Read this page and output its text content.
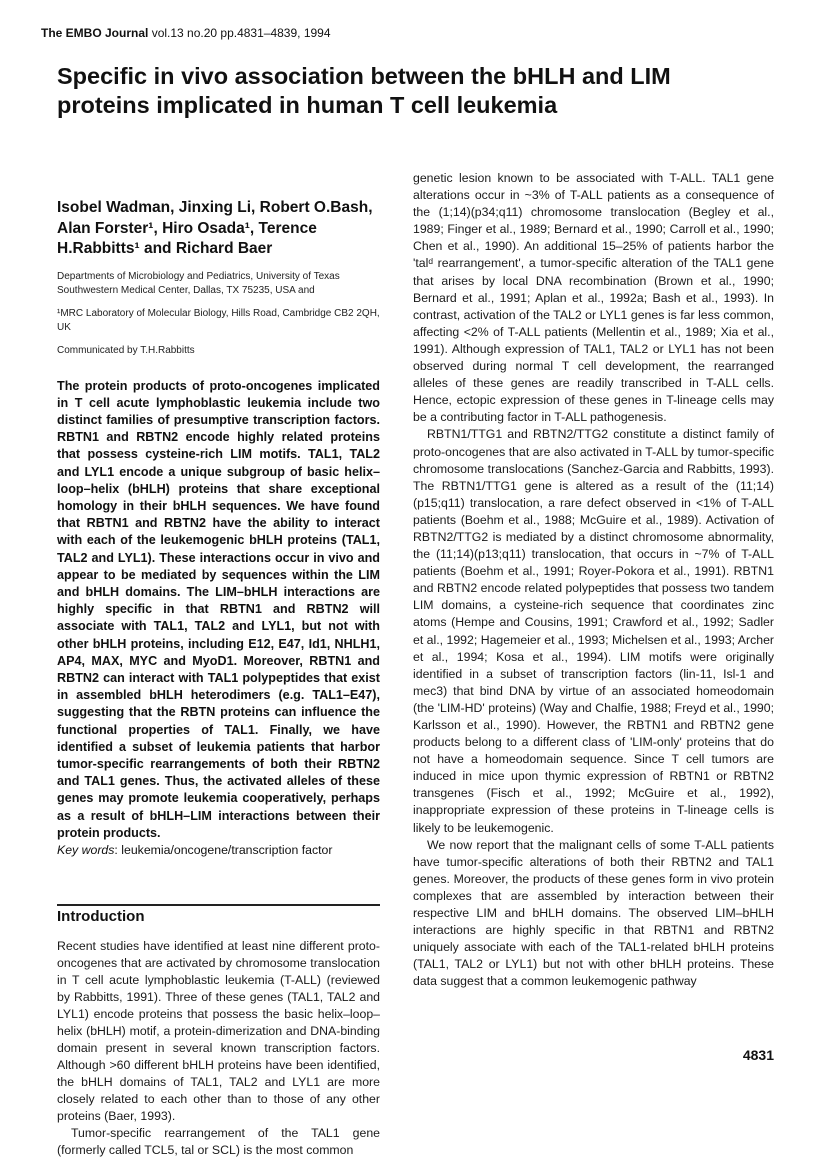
The EMBO Journal vol.13 no.20 pp.4831–4839, 1994
Specific in vivo association between the bHLH and LIM proteins implicated in human T cell leukemia

Isobel Wadman, Jinxing Li, Robert O.Bash, Alan Forster¹, Hiro Osada¹, Terence H.Rabbitts¹ and Richard Baer

Departments of Microbiology and Pediatrics, University of Texas Southwestern Medical Center, Dallas, TX 75235, USA and

¹MRC Laboratory of Molecular Biology, Hills Road, Cambridge CB2 2QH, UK

Communicated by T.H.Rabbitts

The protein products of proto-oncogenes implicated in T cell acute lymphoblastic leukemia include two distinct families of presumptive transcription factors. RBTN1 and RBTN2 encode highly related proteins that possess cysteine-rich LIM motifs. TAL1, TAL2 and LYL1 encode a unique subgroup of basic helix–loop–helix (bHLH) proteins that share exceptional homology in their bHLH sequences. We have found that RBTN1 and RBTN2 have the ability to interact with each of the leukemogenic bHLH proteins (TAL1, TAL2 and LYL1). These interactions occur in vivo and appear to be mediated by sequences within the LIM and bHLH domains. The LIM–bHLH interactions are highly specific in that RBTN1 and RBTN2 will associate with TAL1, TAL2 and LYL1, but not with other bHLH proteins, including E12, E47, Id1, NHLH1, AP4, MAX, MYC and MyoD1. Moreover, RBTN1 and RBTN2 can interact with TAL1 polypeptides that exist in assembled bHLH heterodimers (e.g. TAL1–E47), suggesting that the RBTN proteins can influence the functional properties of TAL1. Finally, we have identified a subset of leukemia patients that harbor tumor-specific rearrangements of both their RBTN2 and TAL1 genes. Thus, the activated alleles of these genes may promote leukemia cooperatively, perhaps as a result of bHLH–LIM interactions between their protein products.

Key words: leukemia/oncogene/transcription factor

Introduction

Recent studies have identified at least nine different proto-oncogenes that are activated by chromosome translocation in T cell acute lymphoblastic leukemia (T-ALL) (reviewed by Rabbitts, 1991). Three of these genes (TAL1, TAL2 and LYL1) encode proteins that possess the basic helix–loop–helix (bHLH) motif, a protein-dimerization and DNA-binding domain present in several known transcription factors. Although >60 different bHLH proteins have been identified, the bHLH domains of TAL1, TAL2 and LYL1 are more closely related to each other than to those of any other proteins (Baer, 1993).

Tumor-specific rearrangement of the TAL1 gene (formerly called TCL5, tal or SCL) is the most common

genetic lesion known to be associated with T-ALL. TAL1 gene alterations occur in ~3% of T-ALL patients as a consequence of the (1;14)(p34;q11) chromosome translocation (Begley et al., 1989; Finger et al., 1989; Bernard et al., 1990; Carroll et al., 1990; Chen et al., 1990). An additional 15–25% of patients harbor the 'talᵈ rearrangement', a tumor-specific alteration of the TAL1 gene that arises by local DNA recombination (Brown et al., 1990; Bernard et al., 1991; Aplan et al., 1992a; Bash et al., 1993). In contrast, activation of the TAL2 or LYL1 genes is far less common, affecting <2% of T-ALL patients (Mellentin et al., 1989; Xia et al., 1991). Although expression of TAL1, TAL2 or LYL1 has not been observed during normal T cell development, the rearranged alleles of these genes are readily transcribed in T-ALL cells. Hence, ectopic expression of these genes in T-lineage cells may be a contributing factor in T-ALL pathogenesis.

RBTN1/TTG1 and RBTN2/TTG2 constitute a distinct family of proto-oncogenes that are also activated in T-ALL by tumor-specific chromosome translocations (Sanchez-Garcia and Rabbitts, 1993). The RBTN1/TTG1 gene is altered as a result of the (11;14)(p15;q11) translocation, a rare defect observed in <1% of T-ALL patients (Boehm et al., 1988; McGuire et al., 1989). Activation of RBTN2/TTG2 is mediated by a distinct chromosome abnormality, the (11;14)(p13;q11) translocation, that occurs in ~7% of T-ALL patients (Boehm et al., 1991; Royer-Pokora et al., 1991). RBTN1 and RBTN2 encode related polypeptides that possess two tandem LIM domains, a cysteine-rich sequence that coordinates zinc atoms (Hempe and Cousins, 1991; Crawford et al., 1992; Sadler et al., 1992; Hagemeier et al., 1993; Michelsen et al., 1993; Archer et al., 1994; Kosa et al., 1994). LIM motifs were originally identified in a subset of transcription factors (lin-11, Isl-1 and mec3) that bind DNA by virtue of an associated homeodomain (the 'LIM-HD' proteins) (Way and Chalfie, 1988; Freyd et al., 1990; Karlsson et al., 1990). However, the RBTN1 and RBTN2 gene products belong to a different class of 'LIM-only' proteins that do not have a homeodomain sequence. Since T cell tumors are induced in mice upon thymic expression of RBTN1 or RBTN2 transgenes (Fisch et al., 1992; McGuire et al., 1992), inappropriate expression of these proteins in T-lineage cells is likely to be leukemogenic.

We now report that the malignant cells of some T-ALL patients have tumor-specific alterations of both their RBTN2 and TAL1 genes. Moreover, the products of these genes form in vivo protein complexes that are assembled by interaction between their respective LIM and bHLH domains. The observed LIM–bHLH interactions are highly specific in that RBTN1 and RBTN2 uniquely associate with each of the TAL1-related bHLH proteins (TAL1, TAL2 or LYL1) but not with other bHLH proteins. These data suggest that a common leukemogenic pathway

4831
